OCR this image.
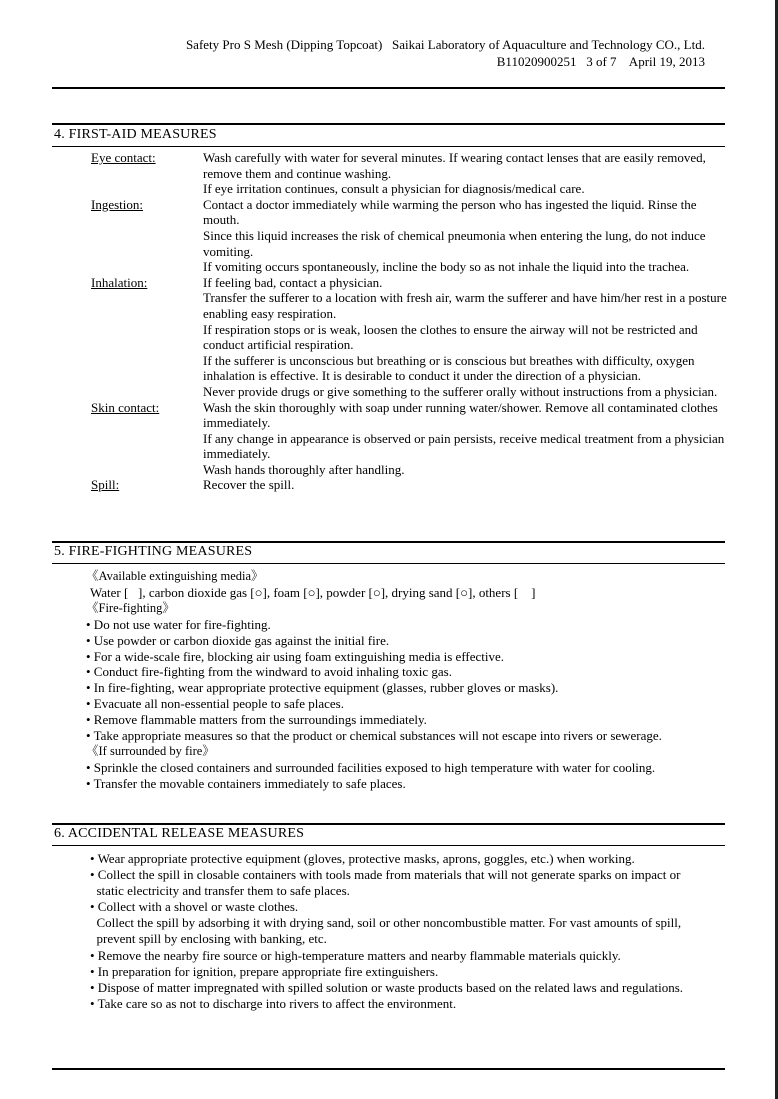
Safety Pro S Mesh (Dipping Topcoat)   Saikai Laboratory of Aquaculture and Technology CO., Ltd.
B11020900251   3 of 7    April 19, 2013
4. FIRST-AID MEASURES
Eye contact:	Wash carefully with water for several minutes. If wearing contact lenses that are easily removed, remove them and continue washing.

If eye irritation continues, consult a physician for diagnosis/medical care.

Ingestion:	Contact a doctor immediately while warming the person who has ingested the liquid. Rinse the mouth.

Since this liquid increases the risk of chemical pneumonia when entering the lung, do not induce vomiting.

If vomiting occurs spontaneously, incline the body so as not inhale the liquid into the trachea.

Inhalation:	If feeling bad, contact a physician.

Transfer the sufferer to a location with fresh air, warm the sufferer and have him/her rest in a posture enabling easy respiration.

If respiration stops or is weak, loosen the clothes to ensure the airway will not be restricted and conduct artificial respiration.

If the sufferer is unconscious but breathing or is conscious but breathes with difficulty, oxygen inhalation is effective. It is desirable to conduct it under the direction of a physician.

Never provide drugs or give something to the sufferer orally without instructions from a physician.

Skin contact:	Wash the skin thoroughly with soap under running water/shower. Remove all contaminated clothes immediately.

If any change in appearance is observed or pain persists, receive medical treatment from a physician immediately.

Wash hands thoroughly after handling.

Spill:	Recover the spill.

5. FIRE-FIGHTING MEASURES
《Available extinguishing media》
Water [   ], carbon dioxide gas [○], foam [○], powder [○], drying sand [○], others [    ]
《Fire-fighting》
• Do not use water for fire-fighting.
• Use powder or carbon dioxide gas against the initial fire.
• For a wide-scale fire, blocking air using foam extinguishing media is effective.
• Conduct fire-fighting from the windward to avoid inhaling toxic gas.
• In fire-fighting, wear appropriate protective equipment (glasses, rubber gloves or masks).
• Evacuate all non-essential people to safe places.
• Remove flammable matters from the surroundings immediately.
• Take appropriate measures so that the product or chemical substances will not escape into rivers or sewerage.
《If surrounded by fire》
• Sprinkle the closed containers and surrounded facilities exposed to high temperature with water for cooling.
• Transfer the movable containers immediately to safe places.
6. ACCIDENTAL RELEASE MEASURES
• Wear appropriate protective equipment (gloves, protective masks, aprons, goggles, etc.) when working.
• Collect the spill in closable containers with tools made from materials that will not generate sparks on impact or
static electricity and transfer them to safe places.
• Collect with a shovel or waste clothes.
Collect the spill by adsorbing it with drying sand, soil or other noncombustible matter. For vast amounts of spill,
prevent spill by enclosing with banking, etc.
• Remove the nearby fire source or high-temperature matters and nearby flammable materials quickly.
• In preparation for ignition, prepare appropriate fire extinguishers.
• Dispose of matter impregnated with spilled solution or waste products based on the related laws and regulations.
• Take care so as not to discharge into rivers to affect the environment.
